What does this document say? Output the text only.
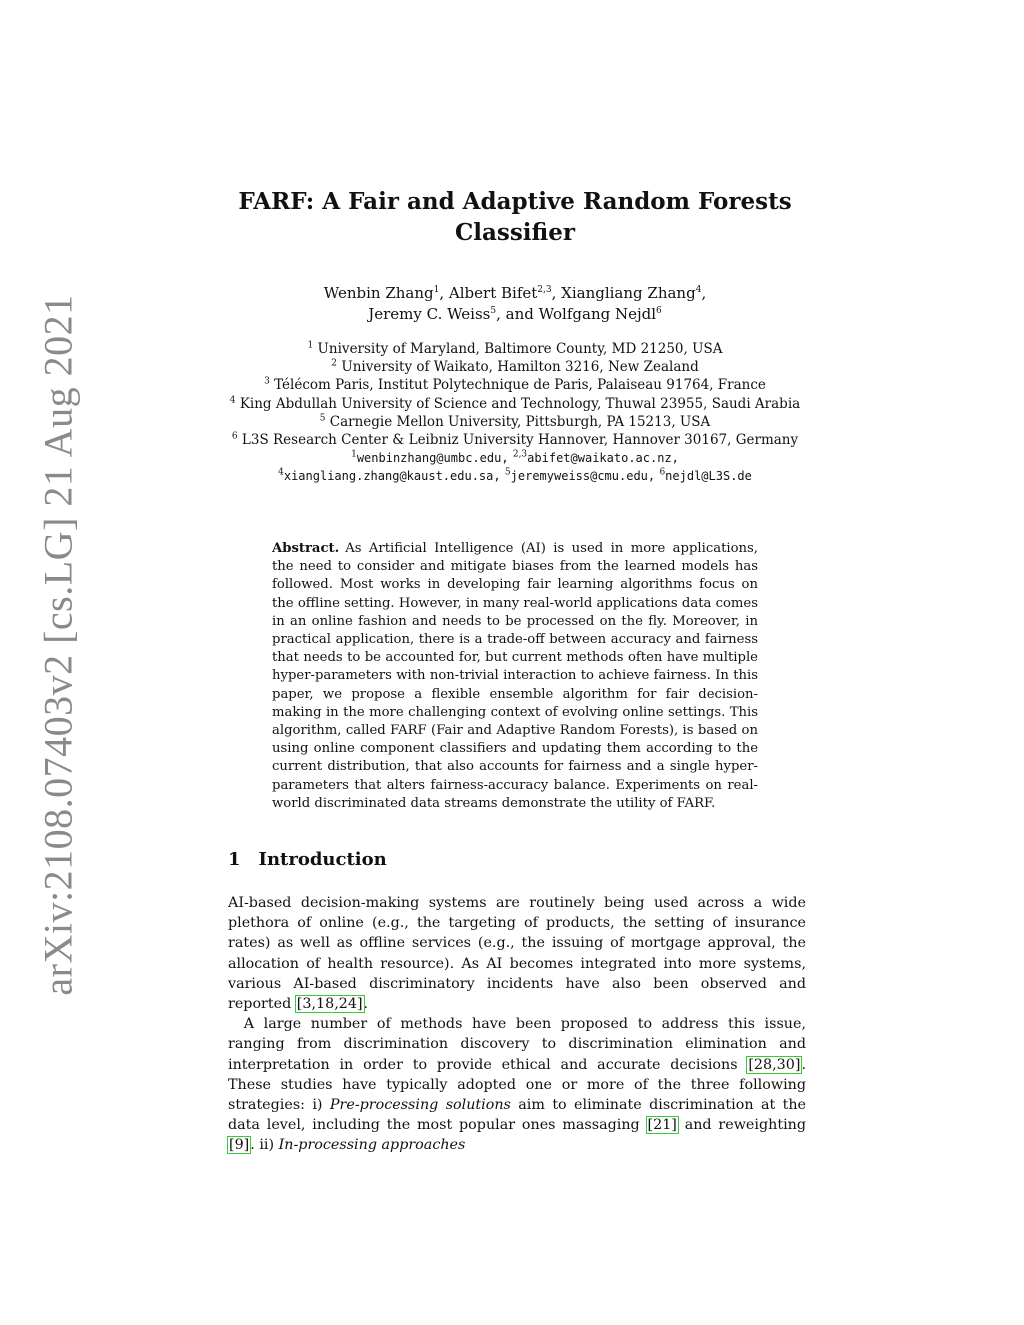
arXiv:2108.07403v2 [cs.LG] 21 Aug 2021
FARF: A Fair and Adaptive Random Forests
Classifier
Wenbin Zhang$^1$, Albert Bifet$^{2,3}$, Xiangliang Zhang$^4$,
Jeremy C. Weiss$^5$, and Wolfgang Nejdl$^6$
$^1$ University of Maryland, Baltimore County, MD 21250, USA
$^2$ University of Waikato, Hamilton 3216, New Zealand
$^3$ Télécom Paris, Institut Polytechnique de Paris, Palaiseau 91764, France
$^4$ King Abdullah University of Science and Technology, Thuwal 23955, Saudi Arabia
$^5$ Carnegie Mellon University, Pittsburgh, PA 15213, USA
$^6$ L3S Research Center & Leibniz University Hannover, Hannover 30167, Germany
$^1$wenbinzhang@umbc.edu, $^{2,3}$abifet@waikato.ac.nz,
$^4$xiangliang.zhang@kaust.edu.sa, $^5$jeremyweiss@cmu.edu, $^6$nejdl@L3S.de
Abstract. As Artificial Intelligence (AI) is used in more applications, the need to consider and mitigate biases from the learned models has followed. Most works in developing fair learning algorithms focus on the offline setting. However, in many real-world applications data comes in an online fashion and needs to be processed on the fly. Moreover, in practical application, there is a trade-off between accuracy and fairness that needs to be accounted for, but current methods often have multiple hyper-parameters with non-trivial interaction to achieve fairness. In this paper, we propose a flexible ensemble algorithm for fair decision-making in the more challenging context of evolving online settings. This algorithm, called FARF (Fair and Adaptive Random Forests), is based on using online component classifiers and updating them according to the current distribution, that also accounts for fairness and a single hyper-parameters that alters fairness-accuracy balance. Experiments on real-world discriminated data streams demonstrate the utility of FARF.
1 Introduction

AI-based decision-making systems are routinely being used across a wide plethora of online (e.g., the targeting of products, the setting of insurance rates) as well as offline services (e.g., the issuing of mortgage approval, the allocation of health resource). As AI becomes integrated into more systems, various AI-based discriminatory incidents have also been observed and reported [3,18,24].

A large number of methods have been proposed to address this issue, ranging from discrimination discovery to discrimination elimination and interpretation in order to provide ethical and accurate decisions [28,30]. These studies have typically adopted one or more of the three following strategies: i) Pre-processing solutions aim to eliminate discrimination at the data level, including the most popular ones massaging [21] and reweighting [9]. ii) In-processing approaches
